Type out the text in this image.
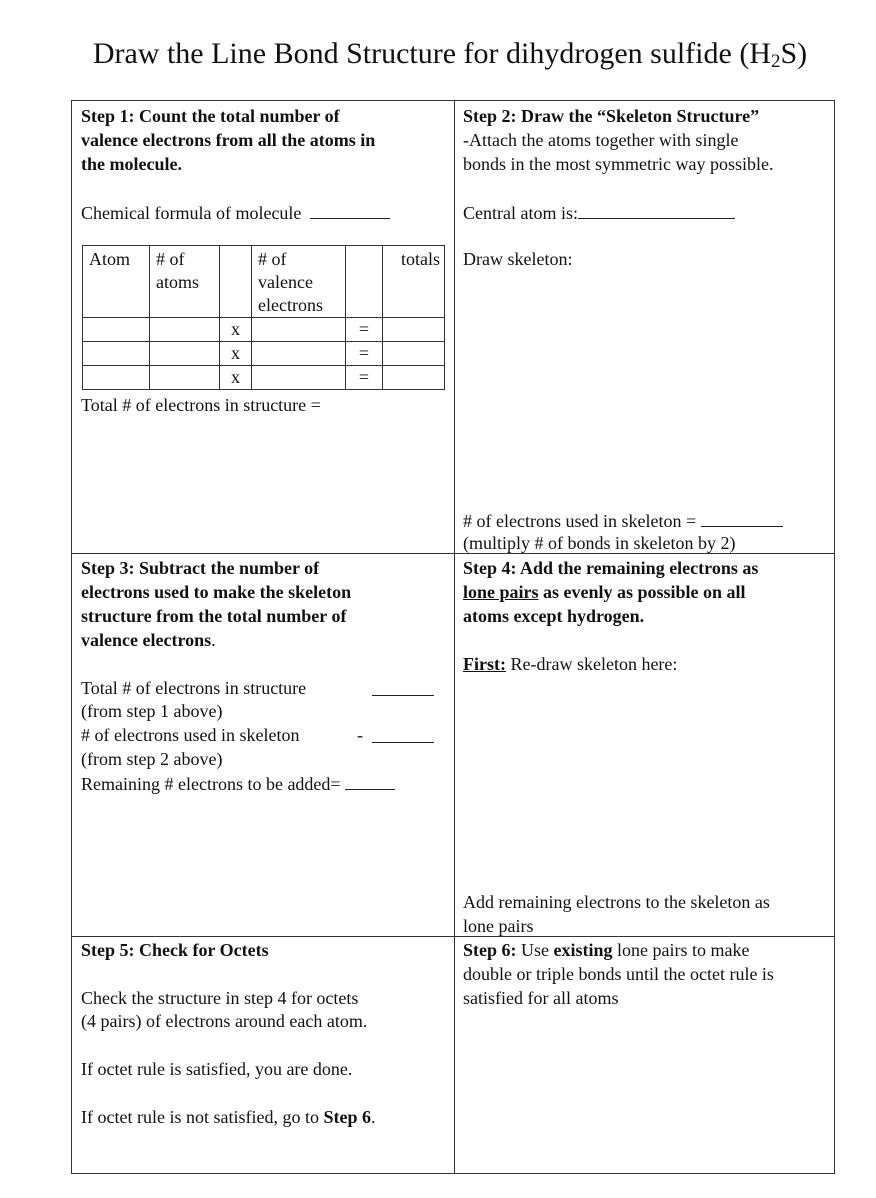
Draw the Line Bond Structure for dihydrogen sulfide $(H_2S)$
Step 1: Count the total number of
valence electrons from all the atoms in
the molecule.
Chemical formula of molecule
Atom	# of atoms		# of valence electrons		totals
		x		=	
		x		=	
		x		=	
Total # of electrons in structure =
Step 2: Draw the “Skeleton Structure”
-Attach the atoms together with single
bonds in the most symmetric way possible.
Central atom is:
Draw skeleton:
# of electrons used in skeleton =
(multiply # of bonds in skeleton by 2)
Step 3: Subtract the number of
electrons used to make the skeleton
structure from the total number of
valence electrons.
Total # of electrons in structure
(from step 1 above)
# of electrons used in skeleton	-
(from step 2 above)
Remaining # electrons to be added=
Step 4: Add the remaining electrons as
lone pairs as evenly as possible on all
atoms except hydrogen.
First: Re-draw skeleton here:
Add remaining electrons to the skeleton as
lone pairs
Step 5: Check for Octets
Check the structure in step 4 for octets
(4 pairs) of electrons around each atom.
If octet rule is satisfied, you are done.
If octet rule is not satisfied, go to Step 6.
Step 6: Use existing lone pairs to make
double or triple bonds until the octet rule is
satisfied for all atoms
